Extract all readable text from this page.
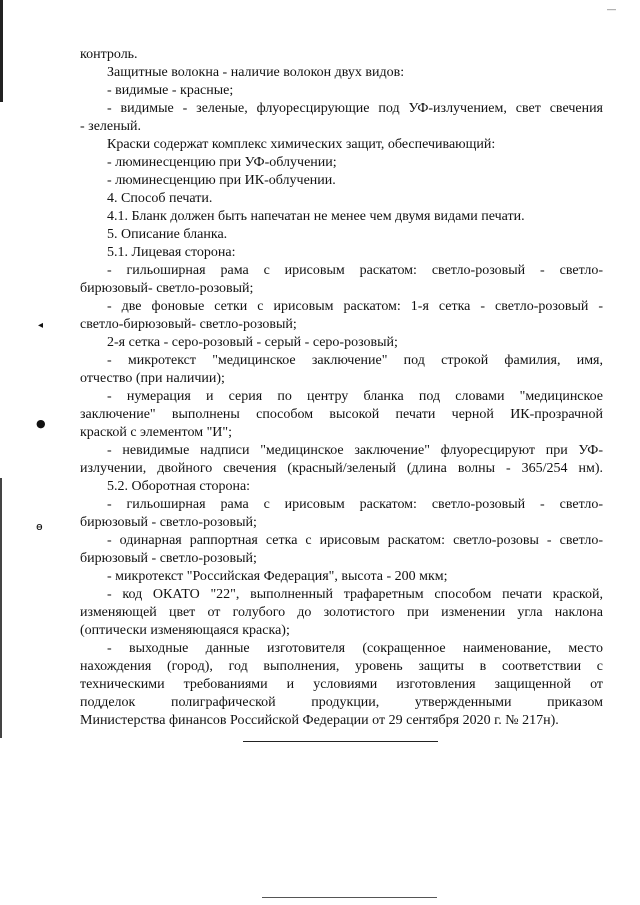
—
◂
●
ɵ
контроль.
Защитные волокна - наличие волокон двух видов:
- видимые - красные;
- видимые - зеленые, флуоресцирующие под УФ-излучением, свет свечения
- зеленый.
Краски содержат комплекс химических защит, обеспечивающий:
- люминесценцию при УФ-облучении;
- люминесценцию при ИК-облучении.
4. Способ печати.
4.1. Бланк должен быть напечатан не менее чем двумя видами печати.
5. Описание бланка.
5.1. Лицевая сторона:
- гильоширная рама с ирисовым раскатом: светло-розовый - светло-
бирюзовый- светло-розовый;
- две фоновые сетки с ирисовым раскатом: 1-я сетка - светло-розовый -
светло-бирюзовый- светло-розовый;
2-я сетка - серо-розовый - серый - серо-розовый;
- микротекст "медицинское заключение" под строкой фамилия, имя,
отчество (при наличии);
- нумерация и серия по центру бланка под словами "медицинское
заключение" выполнены способом высокой печати черной ИК-прозрачной
краской с элементом "И";
- невидимые надписи "медицинское заключение" флуоресцируют при УФ-
излучении, двойного свечения (красный/зеленый (длина волны - 365/254 нм).
5.2. Оборотная сторона:
- гильоширная рама с ирисовым раскатом: светло-розовый - светло-
бирюзовый - светло-розовый;
- одинарная раппортная сетка с ирисовым раскатом: светло-розовы - светло-
бирюзовый - светло-розовый;
- микротекст "Российская Федерация", высота - 200 мкм;
- код ОКАТО "22", выполненный трафаретным способом печати краской,
изменяющей цвет от голубого до золотистого при изменении угла наклона
(оптически изменяющаяся краска);
- выходные данные изготовителя (сокращенное наименование, место
нахождения (город), год выполнения, уровень защиты в соответствии с
техническими требованиями и условиями изготовления защищенной от
подделок полиграфической продукции, утвержденными приказом
Министерства финансов Российской Федерации от 29 сентября 2020 г. № 217н).
